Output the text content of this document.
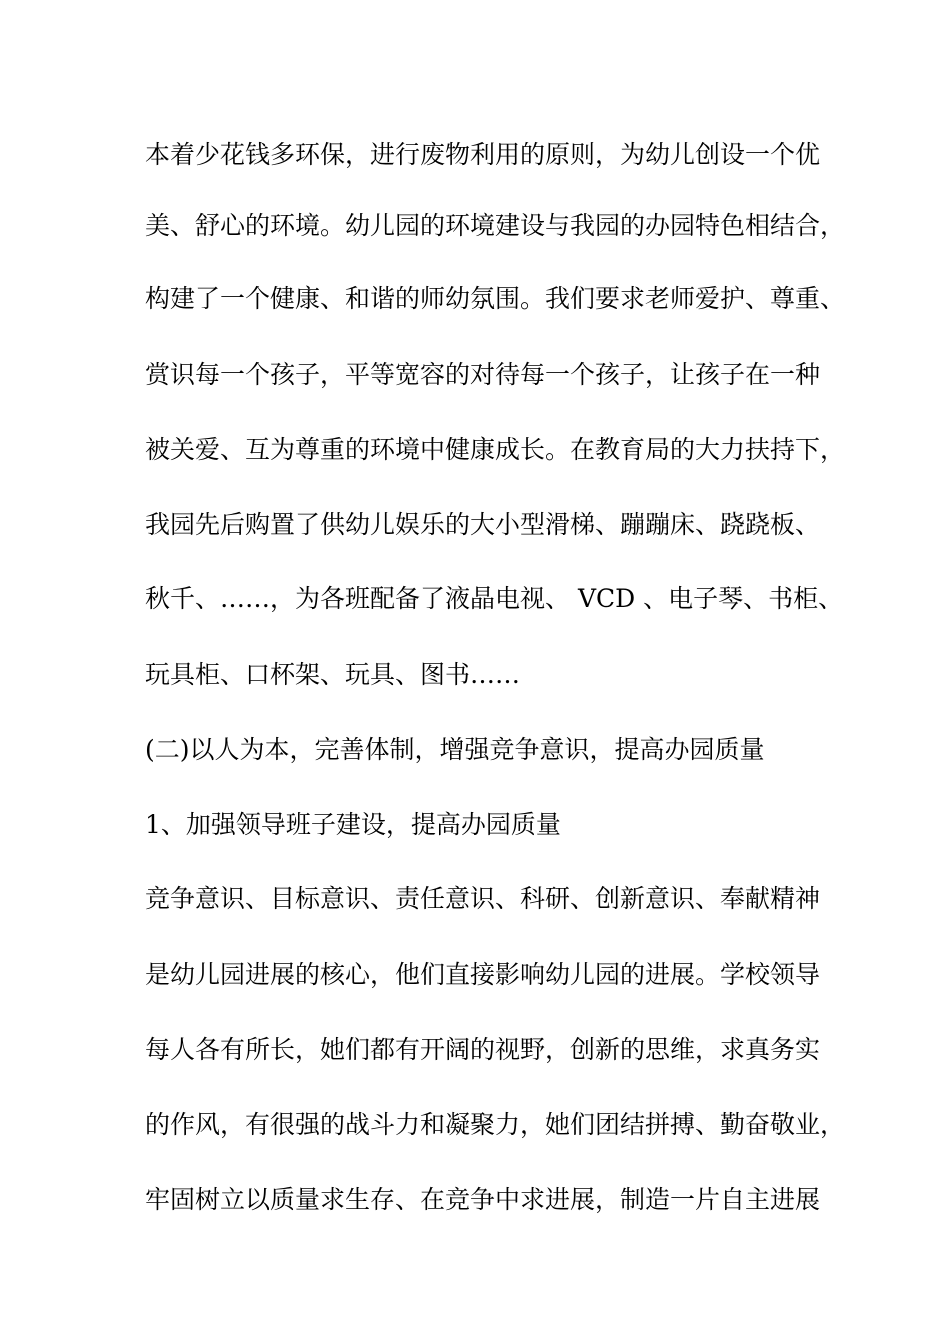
本着少花钱多环保，进行废物利用的原则，为幼儿创设一个优
美、舒心的环境。幼儿园的环境建设与我园的办园特色相结合，
构建了一个健康、和谐的师幼氛围。我们要求老师爱护、尊重、
赏识每一个孩子，平等宽容的对待每一个孩子，让孩子在一种
被关爱、互为尊重的环境中健康成长。在教育局的大力扶持下，
我园先后购置了供幼儿娱乐的大小型滑梯、蹦蹦床、跷跷板、
秋千、……，为各班配备了液晶电视、 VCD 、电子琴、书柜、
玩具柜、口杯架、玩具、图书……
(二)以人为本，完善体制，增强竞争意识，提高办园质量
1、加强领导班子建设，提高办园质量
竞争意识、目标意识、责任意识、科研、创新意识、奉献精神
是幼儿园进展的核心，他们直接影响幼儿园的进展。学校领导
每人各有所长，她们都有开阔的视野，创新的思维，求真务实
的作风，有很强的战斗力和凝聚力，她们团结拼搏、勤奋敬业，
牢固树立以质量求生存、在竞争中求进展，制造一片自主进展
